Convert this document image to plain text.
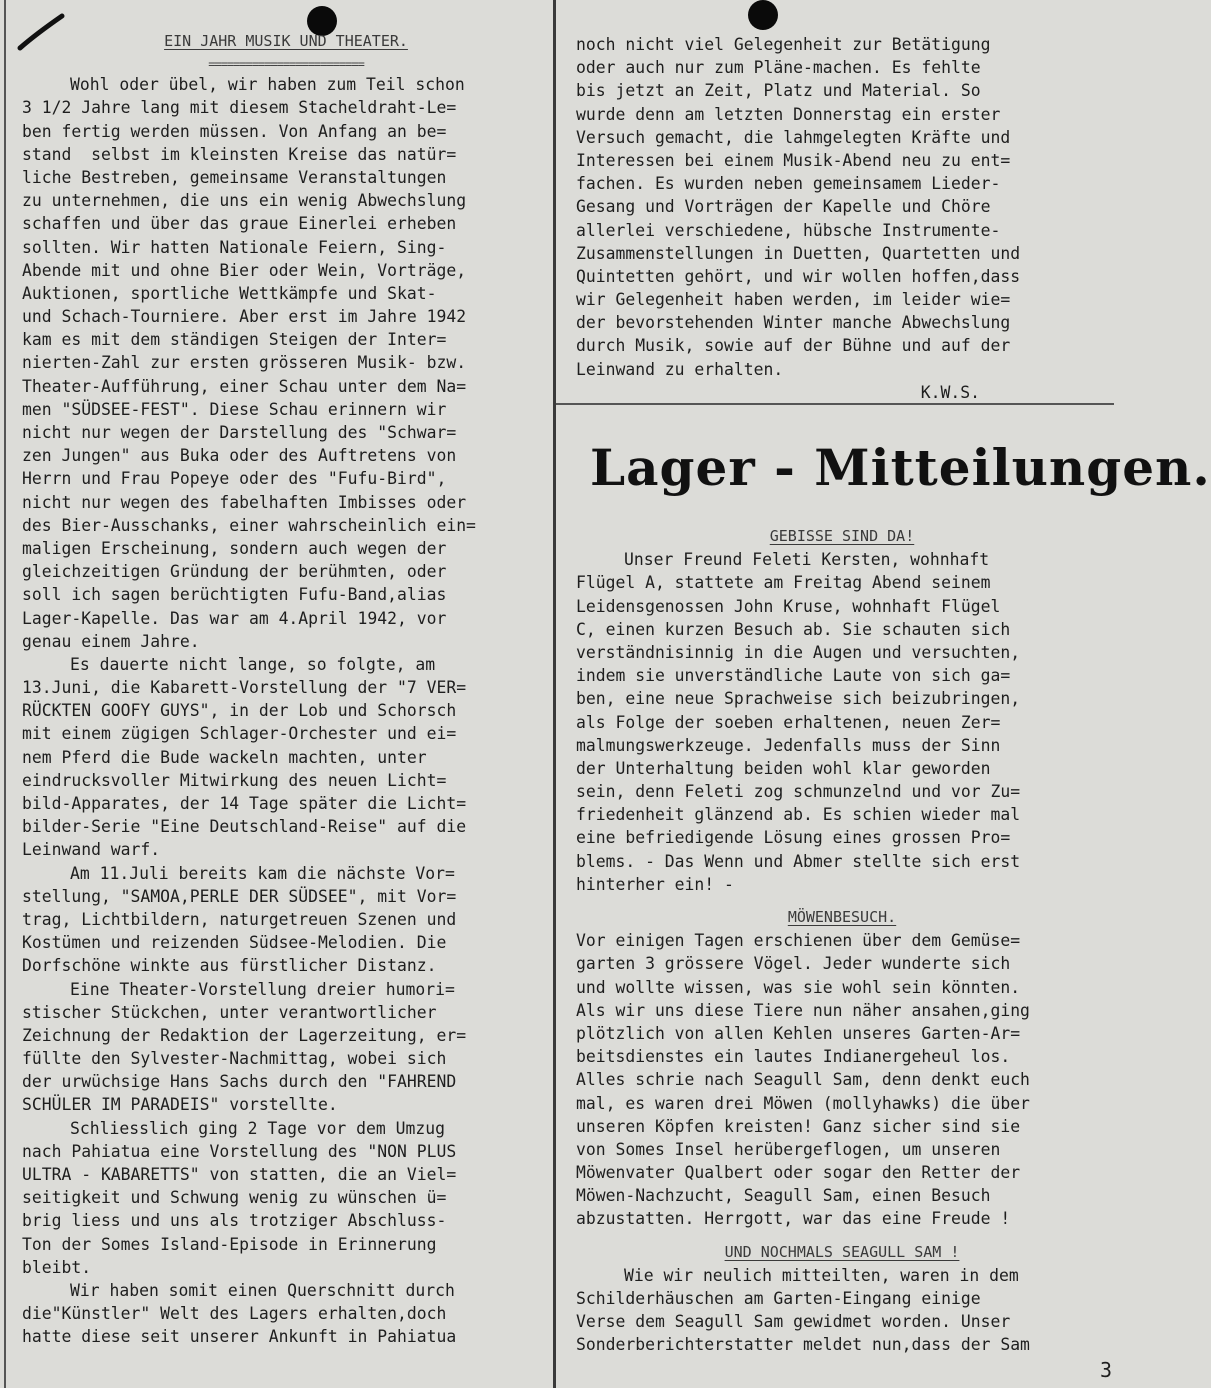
EIN JAHR MUSIK UND THEATER.
=========================
Wohl oder übel, wir haben zum Teil schon
3 1/2 Jahre lang mit diesem Stacheldraht-Le=
ben fertig werden müssen. Von Anfang an be=
stand  selbst im kleinsten Kreise das natür=
liche Bestreben, gemeinsame Veranstaltungen
zu unternehmen, die uns ein wenig Abwechslung
schaffen und über das graue Einerlei erheben
sollten. Wir hatten Nationale Feiern, Sing-
Abende mit und ohne Bier oder Wein, Vorträge,
Auktionen, sportliche Wettkämpfe und Skat-
und Schach-Tourniere. Aber erst im Jahre 1942
kam es mit dem ständigen Steigen der Inter=
nierten-Zahl zur ersten grösseren Musik- bzw.
Theater-Aufführung, einer Schau unter dem Na=
men "SÜDSEE-FEST". Diese Schau erinnern wir
nicht nur wegen der Darstellung des "Schwar=
zen Jungen" aus Buka oder des Auftretens von
Herrn und Frau Popeye oder des "Fufu-Bird",
nicht nur wegen des fabelhaften Imbisses oder
des Bier-Ausschanks, einer wahrscheinlich ein=
maligen Erscheinung, sondern auch wegen der
gleichzeitigen Gründung der berühmten, oder
soll ich sagen berüchtigten Fufu-Band,alias
Lager-Kapelle. Das war am 4.April 1942, vor
genau einem Jahre.
Es dauerte nicht lange, so folgte, am
13.Juni, die Kabarett-Vorstellung der "7 VER=
RÜCKTEN GOOFY GUYS", in der Lob und Schorsch
mit einem zügigen Schlager-Orchester und ei=
nem Pferd die Bude wackeln machten, unter
eindrucksvoller Mitwirkung des neuen Licht=
bild-Apparates, der 14 Tage später die Licht=
bilder-Serie "Eine Deutschland-Reise" auf die
Leinwand warf.
Am 11.Juli bereits kam die nächste Vor=
stellung, "SAMOA,PERLE DER SÜDSEE", mit Vor=
trag, Lichtbildern, naturgetreuen Szenen und
Kostümen und reizenden Südsee-Melodien. Die
Dorfschöne winkte aus fürstlicher Distanz.
Eine Theater-Vorstellung dreier humori=
stischer Stückchen, unter verantwortlicher
Zeichnung der Redaktion der Lagerzeitung, er=
füllte den Sylvester-Nachmittag, wobei sich
der urwüchsige Hans Sachs durch den "FAHREND
SCHÜLER IM PARADEIS" vorstellte.
Schliesslich ging 2 Tage vor dem Umzug
nach Pahiatua eine Vorstellung des "NON PLUS
ULTRA - KABARETTS" von statten, die an Viel=
seitigkeit und Schwung wenig zu wünschen ü=
brig liess und uns als trotziger Abschluss-
Ton der Somes Island-Episode in Erinnerung
bleibt.
Wir haben somit einen Querschnitt durch
die"Künstler" Welt des Lagers erhalten,doch
hatte diese seit unserer Ankunft in Pahiatua
noch nicht viel Gelegenheit zur Betätigung
oder auch nur zum Pläne-machen. Es fehlte
bis jetzt an Zeit, Platz und Material. So
wurde denn am letzten Donnerstag ein erster
Versuch gemacht, die lahmgelegten Kräfte und
Interessen bei einem Musik-Abend neu zu ent=
fachen. Es wurden neben gemeinsamem Lieder-
Gesang und Vorträgen der Kapelle und Chöre
allerlei verschiedene, hübsche Instrumente-
Zusammenstellungen in Duetten, Quartetten und
Quintetten gehört, und wir wollen hoffen,dass
wir Gelegenheit haben werden, im leider wie=
der bevorstehenden Winter manche Abwechslung
durch Musik, sowie auf der Bühne und auf der
Leinwand zu erhalten.
K.W.S.
Lager - Mitteilungen.
GEBISSE SIND DA!
Unser Freund Feleti Kersten, wohnhaft
Flügel A, stattete am Freitag Abend seinem
Leidensgenossen John Kruse, wohnhaft Flügel
C, einen kurzen Besuch ab. Sie schauten sich
verständnisinnig in die Augen und versuchten,
indem sie unverständliche Laute von sich ga=
ben, eine neue Sprachweise sich beizubringen,
als Folge der soeben erhaltenen, neuen Zer=
malmungswerkzeuge. Jedenfalls muss der Sinn
der Unterhaltung beiden wohl klar geworden
sein, denn Feleti zog schmunzelnd und vor Zu=
friedenheit glänzend ab. Es schien wieder mal
eine befriedigende Lösung eines grossen Pro=
blems. - Das Wenn und Abmer stellte sich erst
hinterher ein! -
MÖWENBESUCH.
Vor einigen Tagen erschienen über dem Gemüse=
garten 3 grössere Vögel. Jeder wunderte sich
und wollte wissen, was sie wohl sein könnten.
Als wir uns diese Tiere nun näher ansahen,ging
plötzlich von allen Kehlen unseres Garten-Ar=
beitsdienstes ein lautes Indianergeheul los.
Alles schrie nach Seagull Sam, denn denkt euch
mal, es waren drei Möwen (mollyhawks) die über
unseren Köpfen kreisten! Ganz sicher sind sie
von Somes Insel herübergeflogen, um unseren
Möwenvater Qualbert oder sogar den Retter der
Möwen-Nachzucht, Seagull Sam, einen Besuch
abzustatten. Herrgott, war das eine Freude !
UND NOCHMALS SEAGULL SAM !
Wie wir neulich mitteilten, waren in dem
Schilderhäuschen am Garten-Eingang einige
Verse dem Seagull Sam gewidmet worden. Unser
Sonderberichterstatter meldet nun,dass der Sam
3
